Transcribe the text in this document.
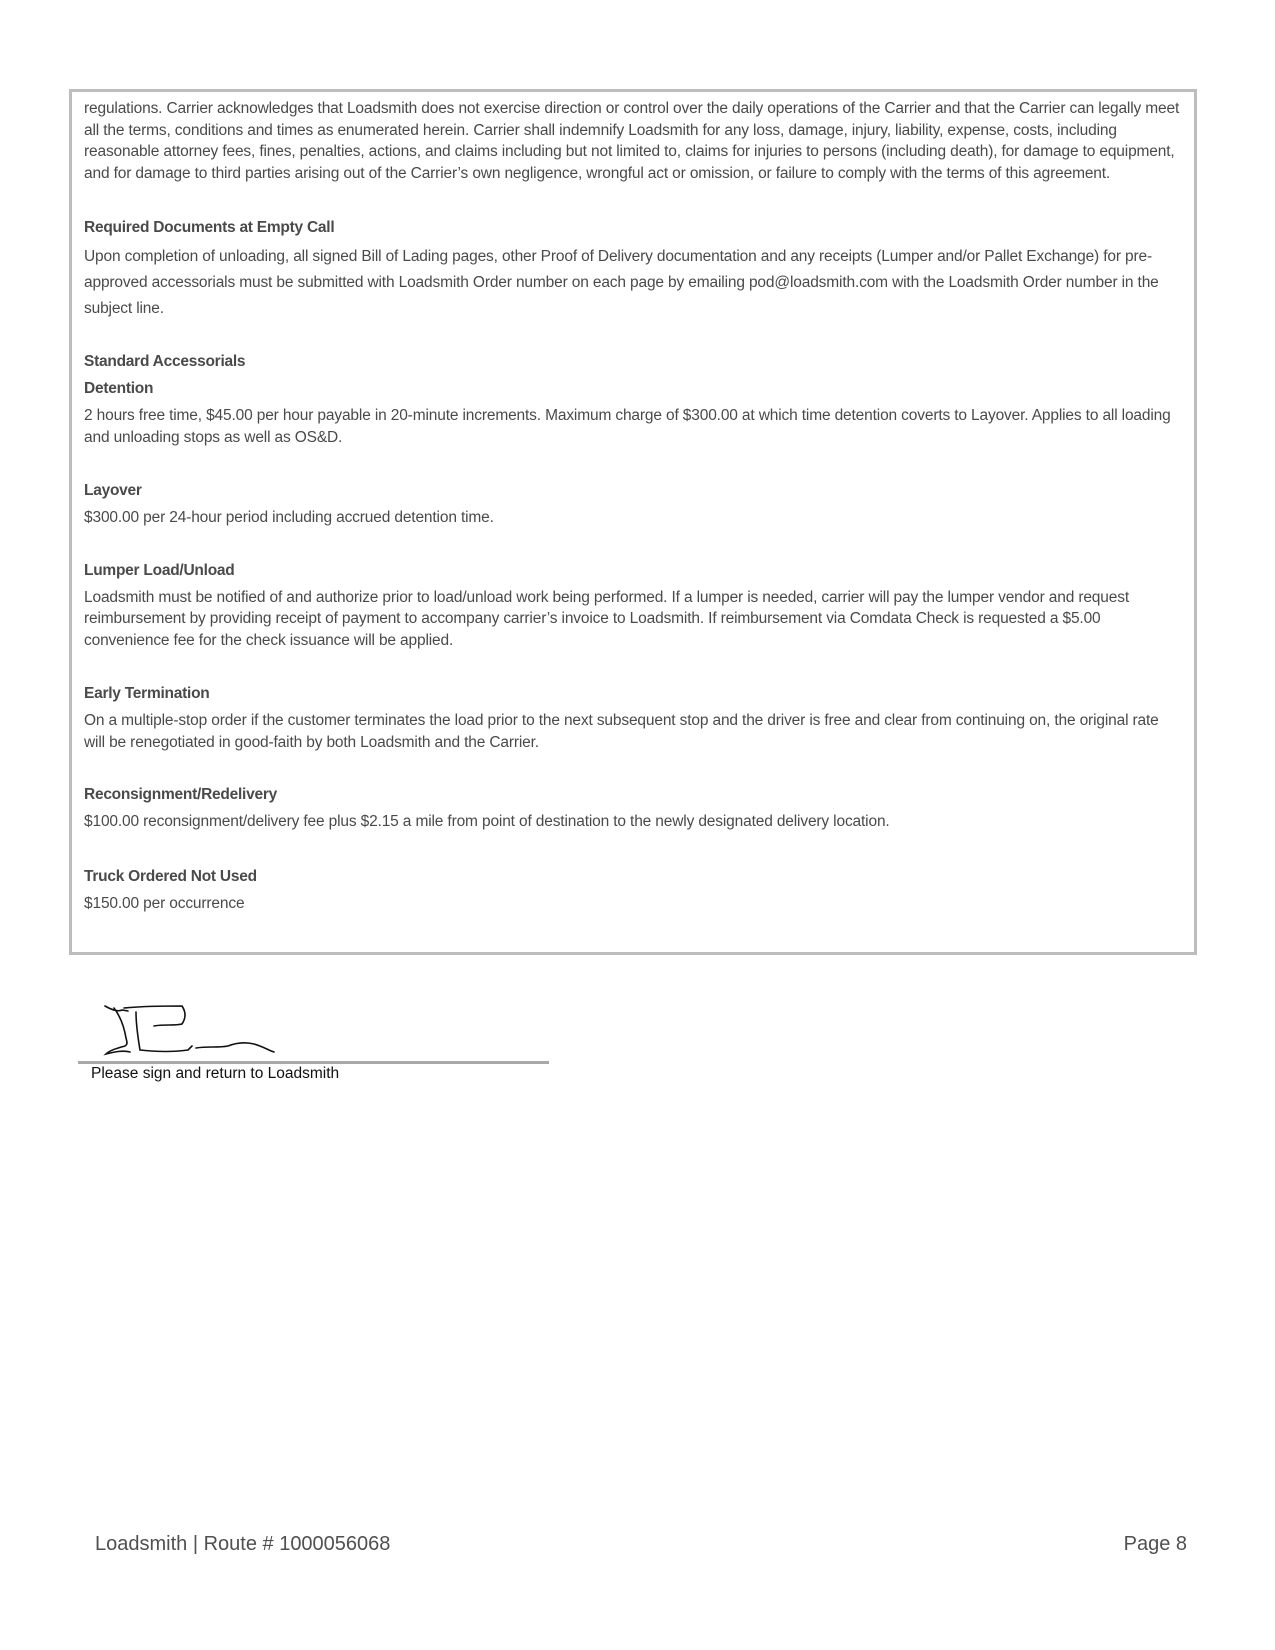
regulations. Carrier acknowledges that Loadsmith does not exercise direction or control over the daily operations of the Carrier and that the Carrier can legally meet all the terms, conditions and times as enumerated herein. Carrier shall indemnify Loadsmith for any loss, damage, injury, liability, expense, costs, including reasonable attorney fees, fines, penalties, actions, and claims including but not limited to, claims for injuries to persons (including death), for damage to equipment, and for damage to third parties arising out of the Carrier’s own negligence, wrongful act or omission, or failure to comply with the terms of this agreement.

Required Documents at Empty Call

Upon completion of unloading, all signed Bill of Lading pages, other Proof of Delivery documentation and any receipts (Lumper and/or Pallet Exchange) for pre-approved accessorials must be submitted with Loadsmith Order number on each page by emailing pod@loadsmith.com with the Loadsmith Order number in the subject line.

Standard Accessorials

Detention

2 hours free time, $45.00 per hour payable in 20-minute increments. Maximum charge of $300.00 at which time detention coverts to Layover. Applies to all loading and unloading stops as well as OS&D.

Layover

$300.00 per 24-hour period including accrued detention time.

Lumper Load/Unload

Loadsmith must be notified of and authorize prior to load/unload work being performed. If a lumper is needed, carrier will pay the lumper vendor and request reimbursement by providing receipt of payment to accompany carrier’s invoice to Loadsmith. If reimbursement via Comdata Check is requested a $5.00 convenience fee for the check issuance will be applied.

Early Termination

On a multiple-stop order if the customer terminates the load prior to the next subsequent stop and the driver is free and clear from continuing on, the original rate will be renegotiated in good-faith by both Loadsmith and the Carrier.

Reconsignment/Redelivery

$100.00 reconsignment/delivery fee plus $2.15 a mile from point of destination to the newly designated delivery location.

Truck Ordered Not Used

$150.00 per occurrence

Please sign and return to Loadsmith
Loadsmith | Route # 1000056068	Page 8
